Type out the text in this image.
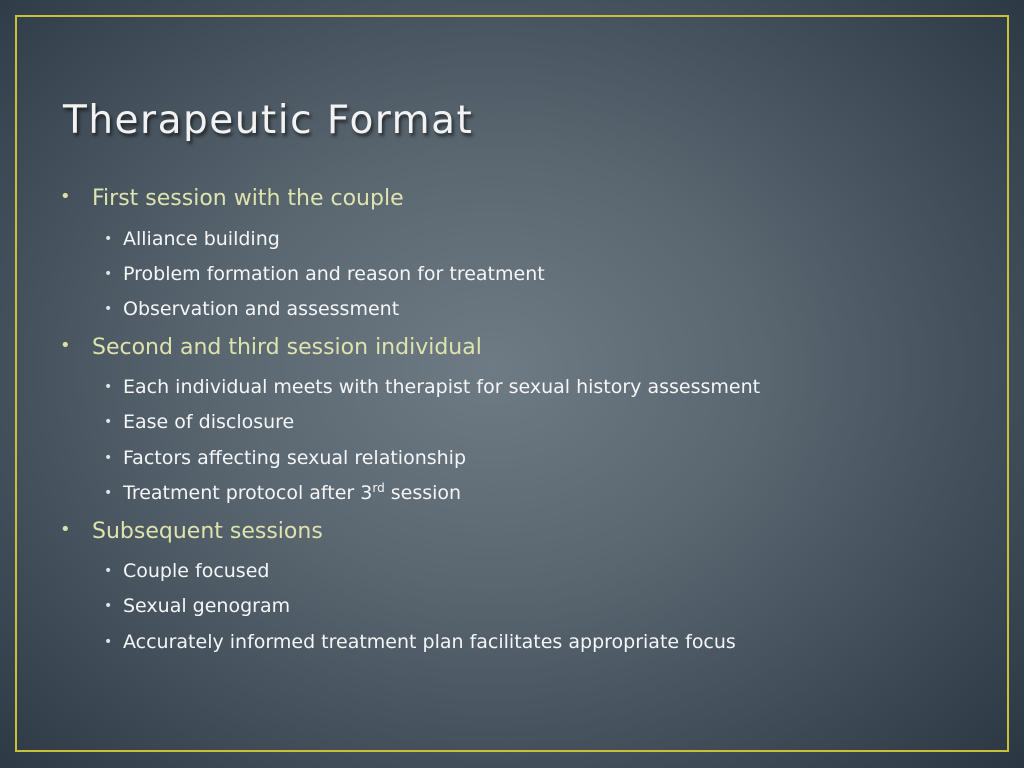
Therapeutic Format
• First session with the couple
• Alliance building
• Problem formation and reason for treatment
• Observation and assessment
• Second and third session individual
• Each individual meets with therapist for sexual history assessment
• Ease of disclosure
• Factors affecting sexual relationship
• Treatment protocol after 3rd session
• Subsequent sessions
• Couple focused
• Sexual genogram
• Accurately informed treatment plan facilitates appropriate focus
